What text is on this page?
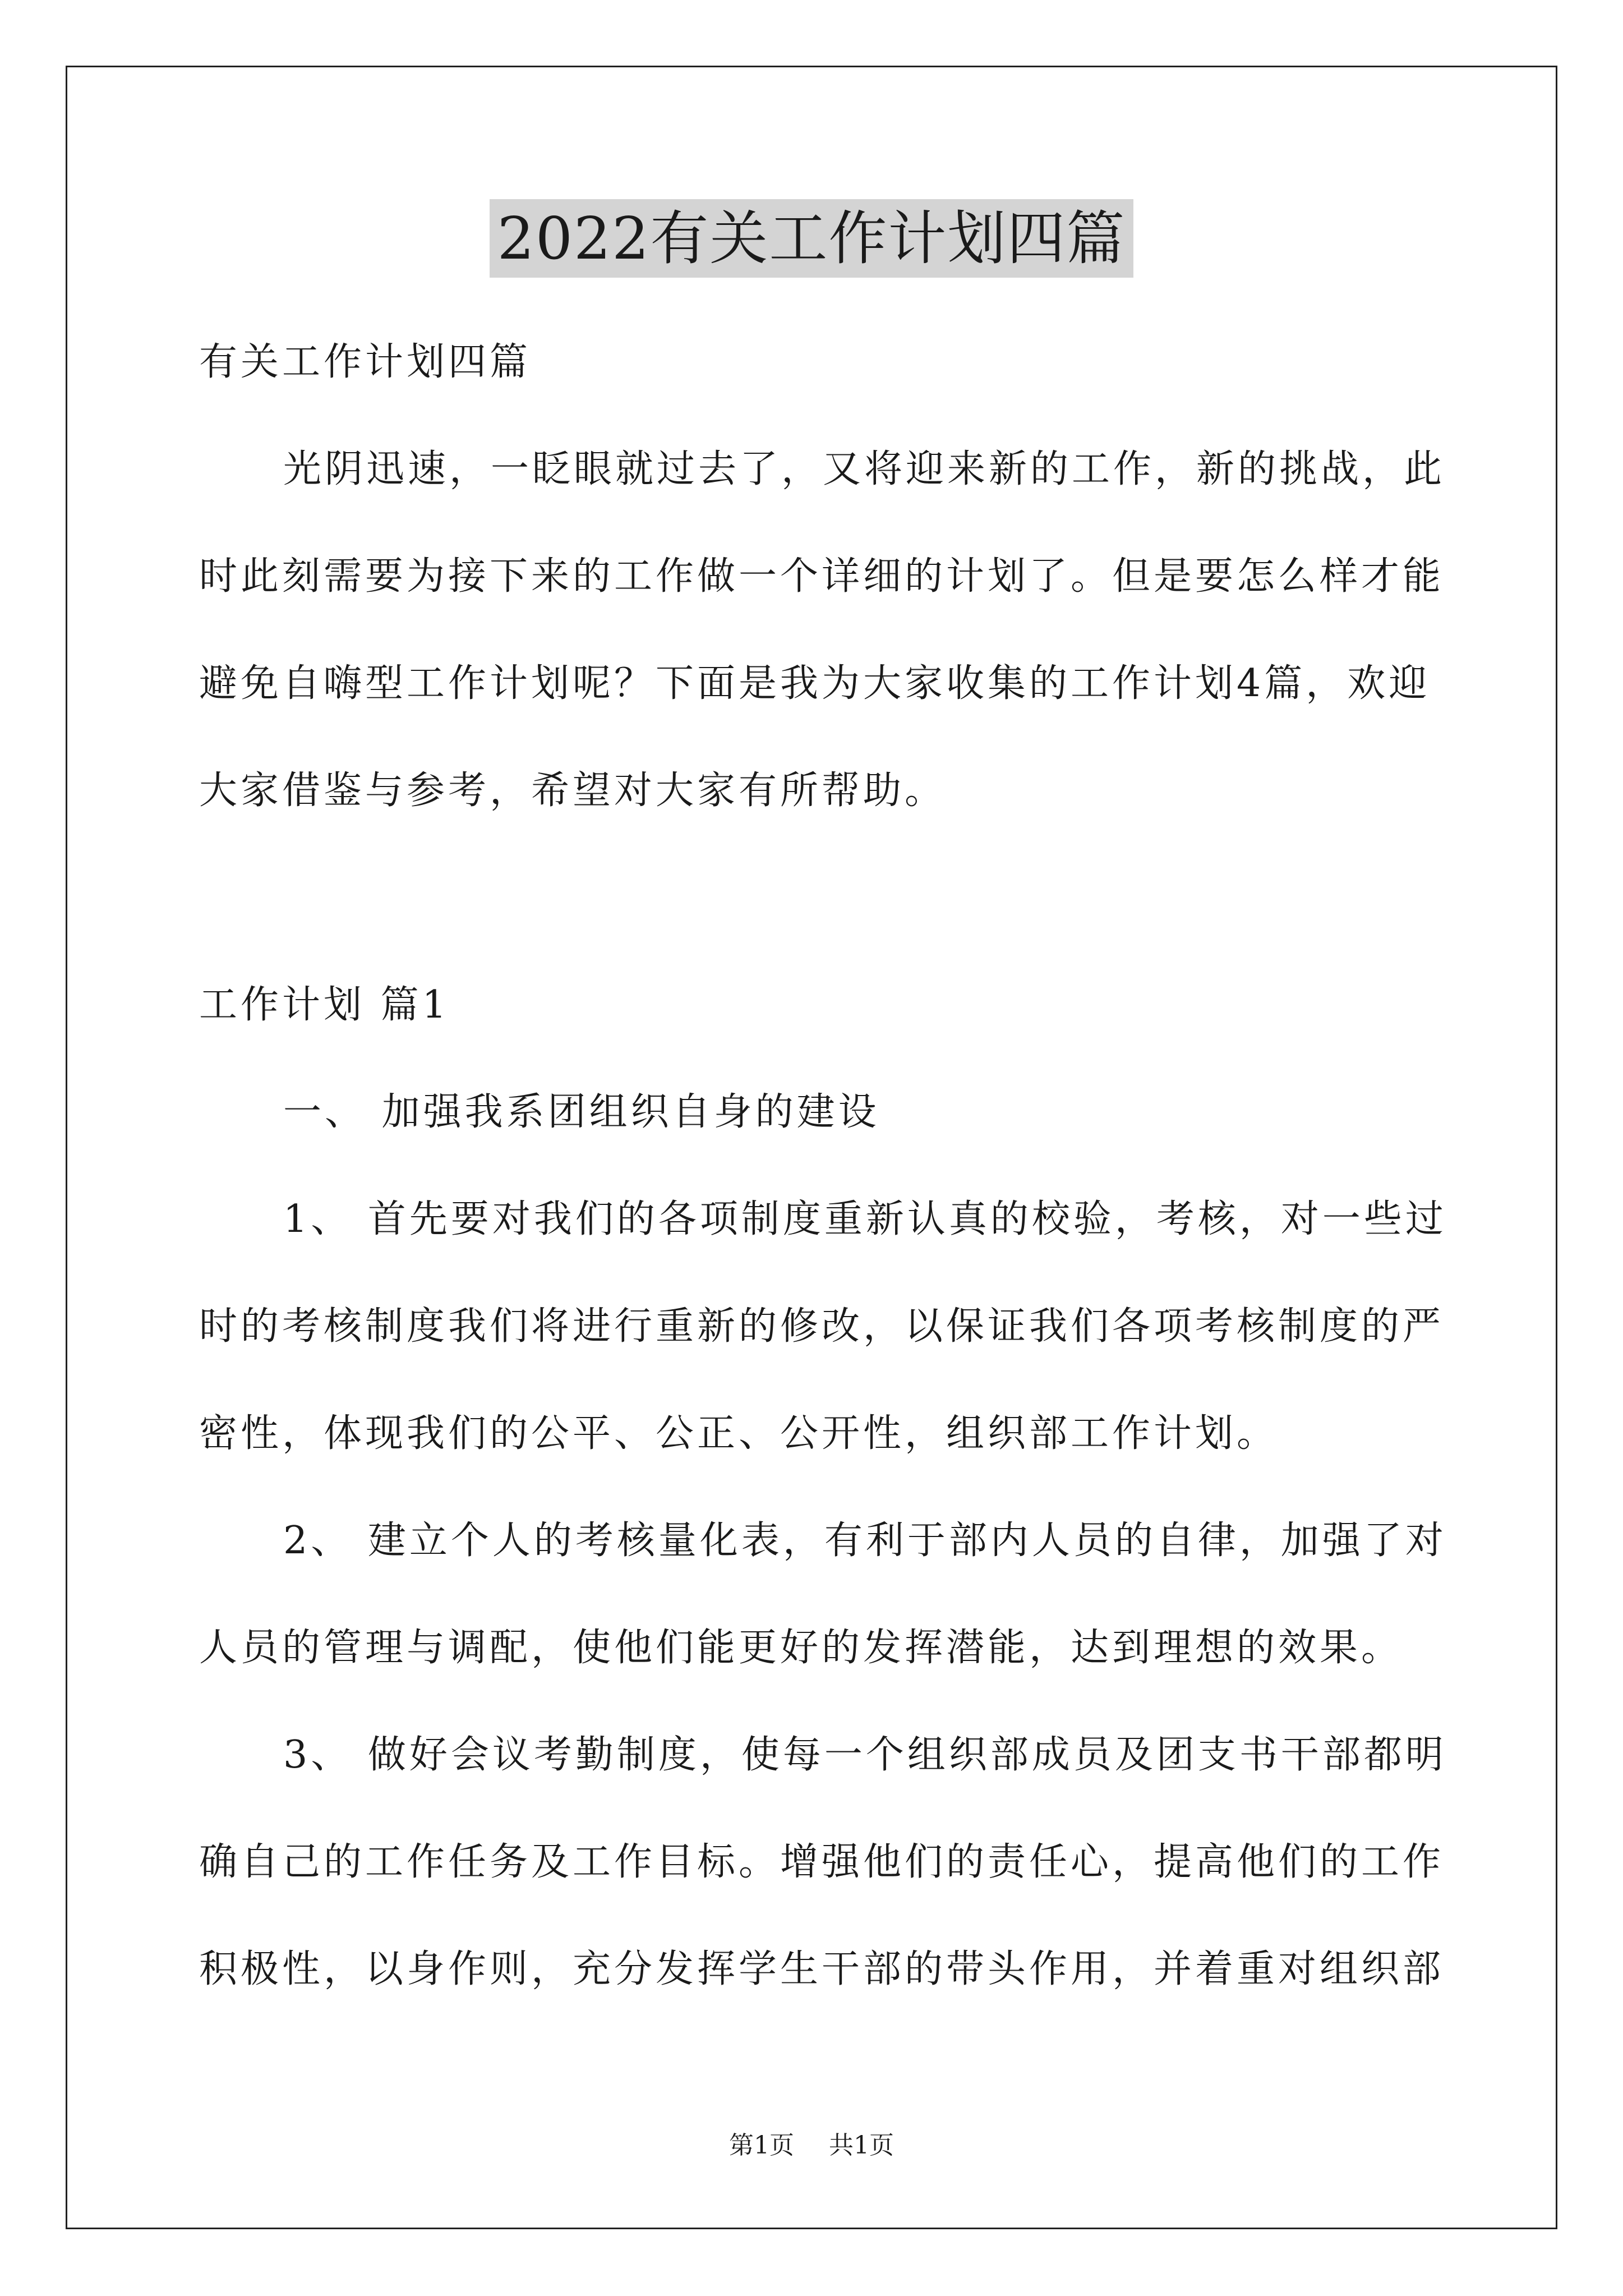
2022有关工作计划四篇
有关工作计划四篇
光阴迅速，一眨眼就过去了，又将迎来新的工作，新的挑战，此
时此刻需要为接下来的工作做一个详细的计划了。但是要怎么样才能
避免自嗨型工作计划呢？下面是我为大家收集的工作计划4篇，欢迎
大家借鉴与参考，希望对大家有所帮助。
工作计划 篇1
一、 加强我系团组织自身的建设
1、 首先要对我们的各项制度重新认真的校验，考核，对一些过
时的考核制度我们将进行重新的修改，以保证我们各项考核制度的严
密性，体现我们的公平、公正、公开性，组织部工作计划。
2、 建立个人的考核量化表，有利于部内人员的自律，加强了对
人员的管理与调配，使他们能更好的发挥潜能，达到理想的效果。
3、 做好会议考勤制度，使每一个组织部成员及团支书干部都明
确自己的工作任务及工作目标。增强他们的责任心，提高他们的工作
积极性，以身作则，充分发挥学生干部的带头作用，并着重对组织部
第1页 共1页
